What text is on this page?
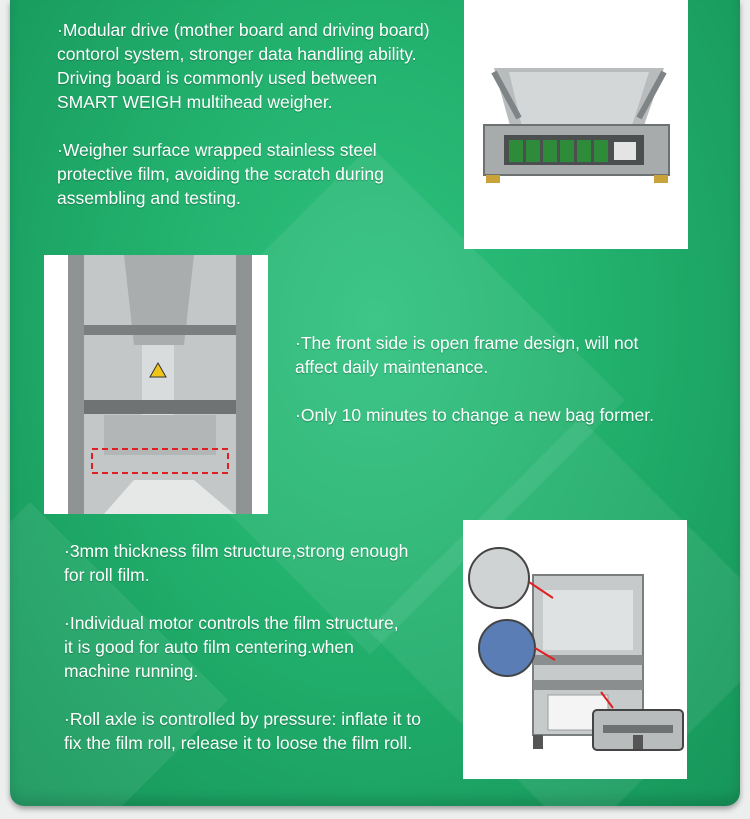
·Modular drive (mother board and driving board)
contorol system, stronger data handling ability.
Driving board is commonly used between
SMART WEIGH multihead weigher.

·Weigher surface wrapped stainless steel
protective film, avoiding the scratch during
assembling and testing.

·The front side is open frame design, will not
affect daily maintenance.

·Only 10 minutes to change a new bag former.

·3mm thickness film structure,strong enough
for roll film.

·Individual motor controls the film structure,
it is good for auto film centering.when
machine running.

·Roll axle is controlled by pressure: inflate it to
fix the film roll, release it to loose the film roll.
